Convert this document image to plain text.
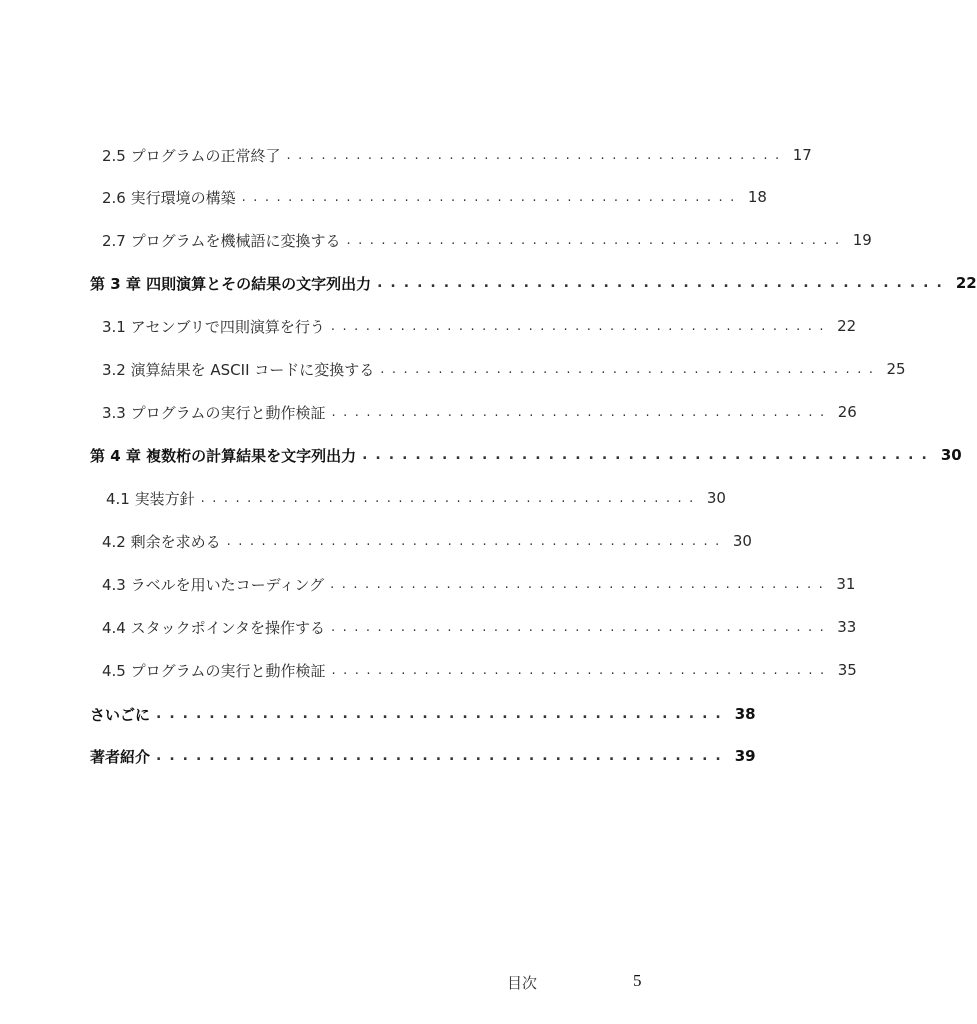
2.5 プログラムの正常終了 ........................................... 17
2.6 実行環境の構築 ........................................... 18
2.7 プログラムを機械語に変換する ........................................... 19
第 3 章 四則演算とその結果の文字列出力 ........................................... 22
3.1 アセンブリで四則演算を行う ........................................... 22
3.2 演算結果を ASCII コードに変換する ........................................... 25
3.3 プログラムの実行と動作検証 ........................................... 26
第 4 章 複数桁の計算結果を文字列出力 ........................................... 30
4.1 実装方針 ........................................... 30
4.2 剰余を求める ........................................... 30
4.3 ラベルを用いたコーディング ........................................... 31
4.4 スタックポインタを操作する ........................................... 33
4.5 プログラムの実行と動作検証 ........................................... 35
さいごに ........................................... 38
著者紹介 ........................................... 39
目次	5
